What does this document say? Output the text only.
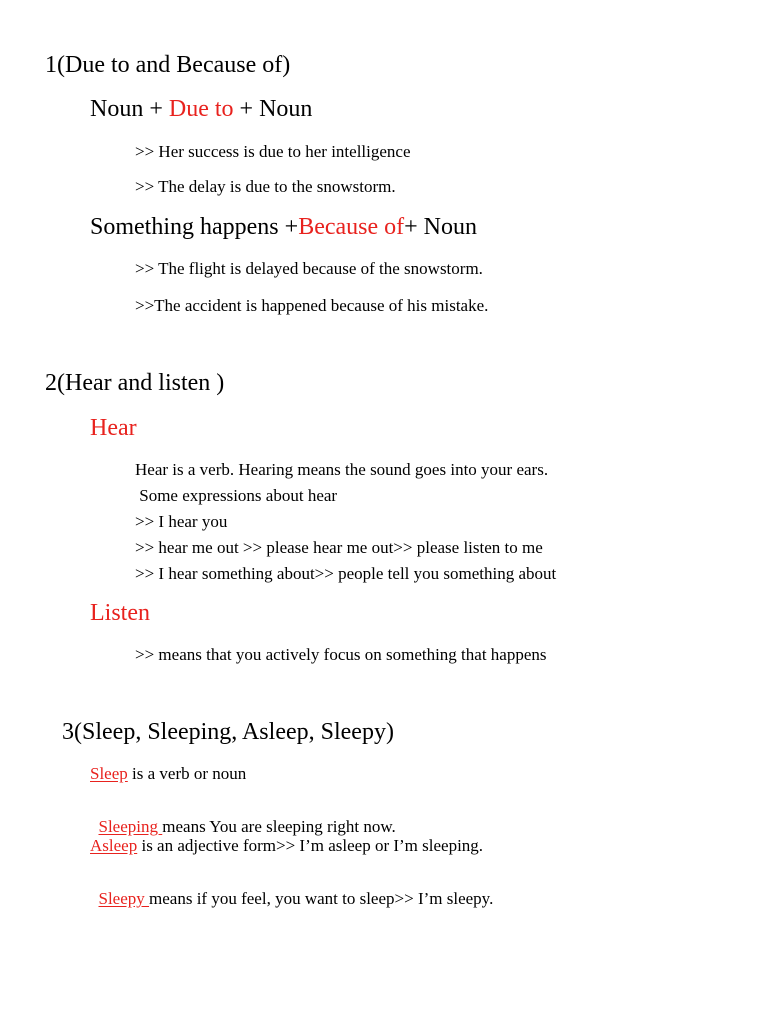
1(Due to and Because of)
Noun + Due to + Noun
>> Her success is due to her intelligence
>> The delay is due to the snowstorm.
Something happens +Because of+ Noun
>> The flight is delayed because of the snowstorm.
>>The accident is happened because of his mistake.
2(Hear and listen )
Hear
Hear is a verb. Hearing means the sound goes into your ears.
Some expressions about hear
>> I hear you
>> hear me out >> please hear me out>> please listen to me
>> I hear something about>> people tell you something about
Listen
>> means that you actively focus on something that happens
3(Sleep, Sleeping, Asleep, Sleepy)
Sleep is a verb or noun

Sleeping means You are sleeping right now.

Asleep is an adjective form>> I’m asleep or I’m sleeping.

Sleepy means if you feel, you want to sleep>> I’m sleepy.
